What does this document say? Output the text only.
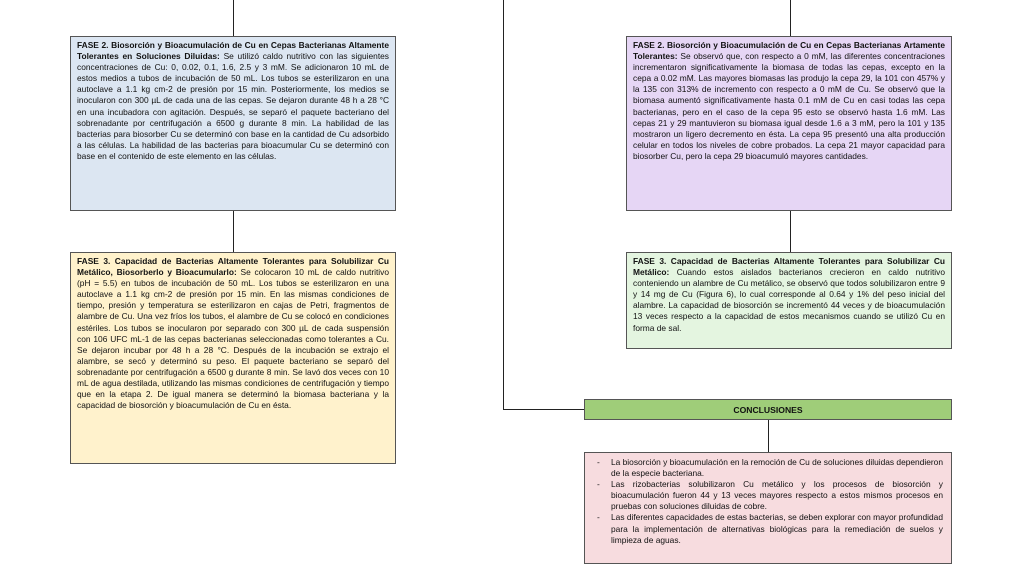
FASE 2. Biosorción y Bioacumulación de Cu en Cepas Bacterianas Altamente Tolerantes en Soluciones Diluidas: Se utilizó caldo nutritivo con las siguientes concentraciones de Cu: 0, 0.02, 0.1, 1.6, 2.5 y 3 mM. Se adicionaron 10 mL de estos medios a tubos de incubación de 50 mL. Los tubos se esterilizaron en una autoclave a 1.1 kg cm-2 de presión por 15 min. Posteriormente, los medios se inocularon con 300 µL de cada una de las cepas. Se dejaron durante 48 h a 28 °C en una incubadora con agitación. Después, se separó el paquete bacteriano del sobrenadante por centrifugación a 6500 g durante 8 min. La habilidad de las bacterias para biosorber Cu se determinó con base en la cantidad de Cu adsorbido a las células. La habilidad de las bacterias para bioacumular Cu se determinó con base en el contenido de este elemento en las células.
FASE 3. Capacidad de Bacterias Altamente Tolerantes para Solubilizar Cu Metálico, Biosorberlo y Bioacumularlo: Se colocaron 10 mL de caldo nutritivo (pH = 5.5) en tubos de incubación de 50 mL. Los tubos se esterilizaron en una autoclave a 1.1 kg cm-2 de presión por 15 min. En las mismas condiciones de tiempo, presión y temperatura se esterilizaron en cajas de Petri, fragmentos de alambre de Cu. Una vez fríos los tubos, el alambre de Cu se colocó en condiciones estériles. Los tubos se inocularon por separado con 300 µL de cada suspensión con 106 UFC mL-1 de las cepas bacterianas seleccionadas como tolerantes a Cu. Se dejaron incubar por 48 h a 28 °C. Después de la incubación se extrajo el alambre, se secó y determinó su peso. El paquete bacteriano se separó del sobrenadante por centrifugación a 6500 g durante 8 min. Se lavó dos veces con 10 mL de agua destilada, utilizando las mismas condiciones de centrifugación y tiempo que en la etapa 2. De igual manera se determinó la biomasa bacteriana y la capacidad de biosorción y bioacumulación de Cu en ésta.
FASE 2. Biosorción y Bioacumulación de Cu en Cepas Bacterianas Artamente Tolerantes: Se observó que, con respecto a 0 mM, las diferentes concentraciones incrementaron significativamente la biomasa de todas las cepas, excepto en la cepa a 0.02 mM. Las mayores biomasas las produjo la cepa 29, la 101 con 457% y la 135 con 313% de incremento con respecto a 0 mM de Cu. Se observó que la biomasa aumentó significativamente hasta 0.1 mM de Cu en casi todas las cepa bacterianas, pero en el caso de la cepa 95 esto se observó hasta 1.6 mM. Las cepas 21 y 29 mantuvieron su biomasa igual desde 1.6 a 3 mM, pero la 101 y 135 mostraron un ligero decremento en ésta. La cepa 95 presentó una alta producción celular en todos los niveles de cobre probados. La cepa 21 mayor capacidad para biosorber Cu, pero la cepa 29 bioacumuló mayores cantidades.
FASE 3. Capacidad de Bacterias Altamente Tolerantes para Solubilizar Cu Metálico: Cuando estos aislados bacterianos crecieron en caldo nutritivo conteniendo un alambre de Cu metálico, se observó que todos solubilizaron entre 9 y 14 mg de Cu (Figura 6), lo cual corresponde al 0.64 y 1% del peso inicial del alambre. La capacidad de biosorción se incrementó 44 veces y de bioacumulación 13 veces respecto a la capacidad de estos mecanismos cuando se utilizó Cu en forma de sal.
CONCLUSIONES
- La biosorción y bioacumulación en la remoción de Cu de soluciones diluidas dependieron de la especie bacteriana.
- Las rizobacterias solubilizaron Cu metálico y los procesos de biosorción y bioacumulación fueron 44 y 13 veces mayores respecto a estos mismos procesos en pruebas con soluciones diluidas de cobre.
- Las diferentes capacidades de estas bacterias, se deben explorar con mayor profundidad para la implementación de alternativas biológicas para la remediación de suelos y limpieza de aguas.
